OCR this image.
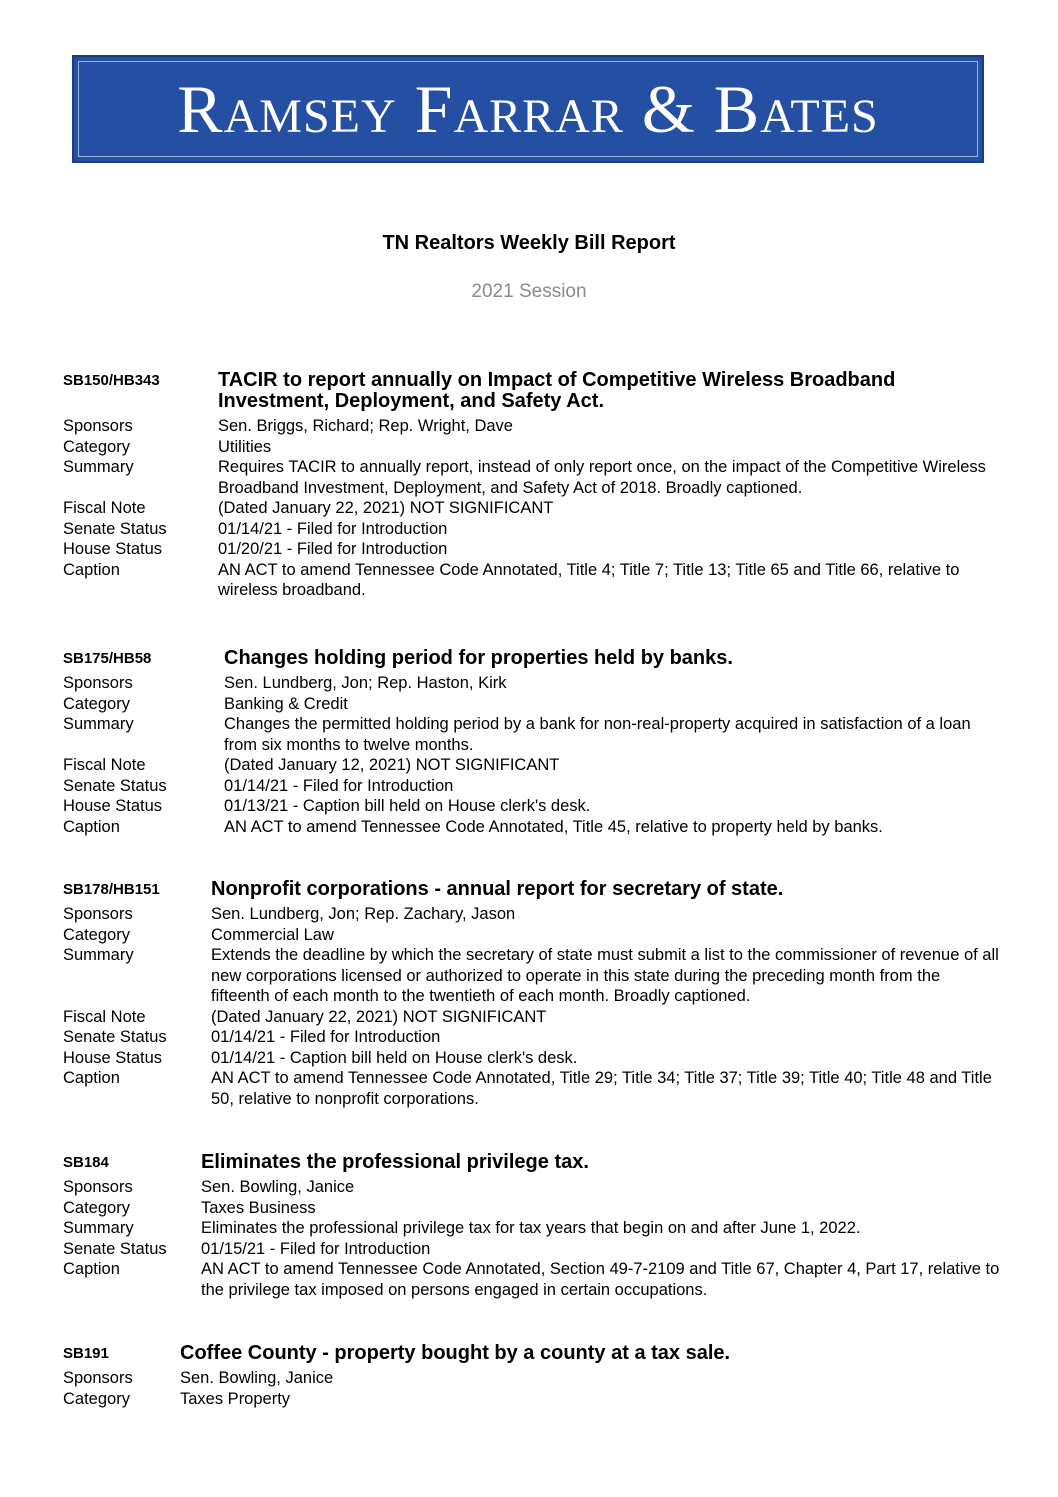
Ramsey Farrar & Bates
TN Realtors Weekly Bill Report
2021 Session
SB150/HB343	TACIR to report annually on Impact of Competitive Wireless Broadband Investment, Deployment, and Safety Act.
Sponsors	Sen. Briggs, Richard; Rep. Wright, Dave
Category	Utilities
Summary	Requires TACIR to annually report, instead of only report once, on the impact of the Competitive Wireless Broadband Investment, Deployment, and Safety Act of 2018. Broadly captioned.
Fiscal Note	(Dated January 22, 2021) NOT SIGNIFICANT
Senate Status	01/14/21 - Filed for Introduction
House Status	01/20/21 - Filed for Introduction
Caption	AN ACT to amend Tennessee Code Annotated, Title 4; Title 7; Title 13; Title 65 and Title 66, relative to wireless broadband.
SB175/HB58	Changes holding period for properties held by banks.
Sponsors	Sen. Lundberg, Jon; Rep. Haston, Kirk
Category	Banking & Credit
Summary	Changes the permitted holding period by a bank for non-real-property acquired in satisfaction of a loan from six months to twelve months.
Fiscal Note	(Dated January 12, 2021) NOT SIGNIFICANT
Senate Status	01/14/21 - Filed for Introduction
House Status	01/13/21 - Caption bill held on House clerk's desk.
Caption	AN ACT to amend Tennessee Code Annotated, Title 45, relative to property held by banks.
SB178/HB151	Nonprofit corporations - annual report for secretary of state.
Sponsors	Sen. Lundberg, Jon; Rep. Zachary, Jason
Category	Commercial Law
Summary	Extends the deadline by which the secretary of state must submit a list to the commissioner of revenue of all new corporations licensed or authorized to operate in this state during the preceding month from the fifteenth of each month to the twentieth of each month. Broadly captioned.
Fiscal Note	(Dated January 22, 2021) NOT SIGNIFICANT
Senate Status	01/14/21 - Filed for Introduction
House Status	01/14/21 - Caption bill held on House clerk's desk.
Caption	AN ACT to amend Tennessee Code Annotated, Title 29; Title 34; Title 37; Title 39; Title 40; Title 48 and Title 50, relative to nonprofit corporations.
SB184	Eliminates the professional privilege tax.
Sponsors	Sen. Bowling, Janice
Category	Taxes Business
Summary	Eliminates the professional privilege tax for tax years that begin on and after June 1, 2022.
Senate Status	01/15/21 - Filed for Introduction
Caption	AN ACT to amend Tennessee Code Annotated, Section 49-7-2109 and Title 67, Chapter 4, Part 17, relative to the privilege tax imposed on persons engaged in certain occupations.
SB191	Coffee County - property bought by a county at a tax sale.
Sponsors	Sen. Bowling, Janice
Category	Taxes Property
